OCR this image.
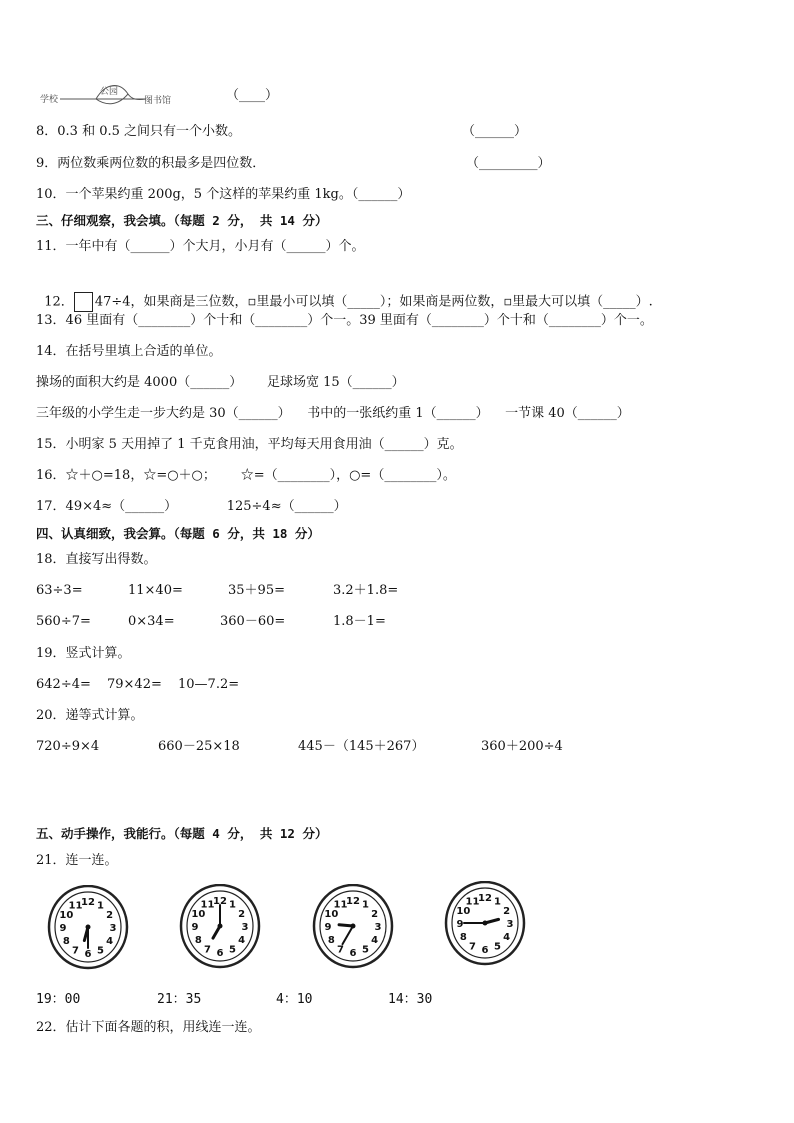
学校
公园
图书馆	（____）
8．0.3 和 0.5 之间只有一个小数。	（______）
9．两位数乘两位数的积最多是四位数．	（_________）
10．一个苹果约重 200g，5 个这样的苹果约重 1kg。（______）
三、仔细观察，我会填。（每题 2 分， 共 14 分）
11．一年中有（______）个大月，小月有（______）个。

12． 47÷4，如果商是三位数，▫里最小可以填（_____）；如果商是两位数，▫里最大可以填（_____）.

13．46 里面有（________）个十和（________）个一。39 里面有（________）个十和（________）个一。
14．在括号里填上合适的单位。
操场的面积大约是 4000（______）      足球场宽 15（______）
三年级的小学生走一步大约是 30（______）    书中的一张纸约重 1（______）    一节课 40（______）
15．小明家 5 天用掉了 1 千克食用油，平均每天用食用油（______）克。
16．☆＋○=18，☆=○＋○；      ☆=（________），○=（________）。
17．49×4≈（______）            125÷4≈（______）
四、认真细致，我会算。（每题 6 分，共 18 分）
18．直接写出得数。
63÷3=	11×40=	35＋95=	3.2＋1.8=
560÷7=	0×34=	360－60=	1.8－1=
19．竖式计算。
642÷4= 79×42= 10—7.2=
20．递等式计算。
720÷9×4	660－25×18	445－（145＋267）	360＋200÷4
五、动手操作，我能行。（每题 4 分， 共 12 分）
21．连一连。
1
2
3
4
5
6
7
8
9
10
11
12	1
2
3
4
5
6
7
8
9
10
11
12	1
2
3
4
5
6
7
8
9
10
11
12	1
2
3
4
5
6
7
8
9
10
11
12
19：00	21：35	4：10	14：30
22．估计下面各题的积，用线连一连。
